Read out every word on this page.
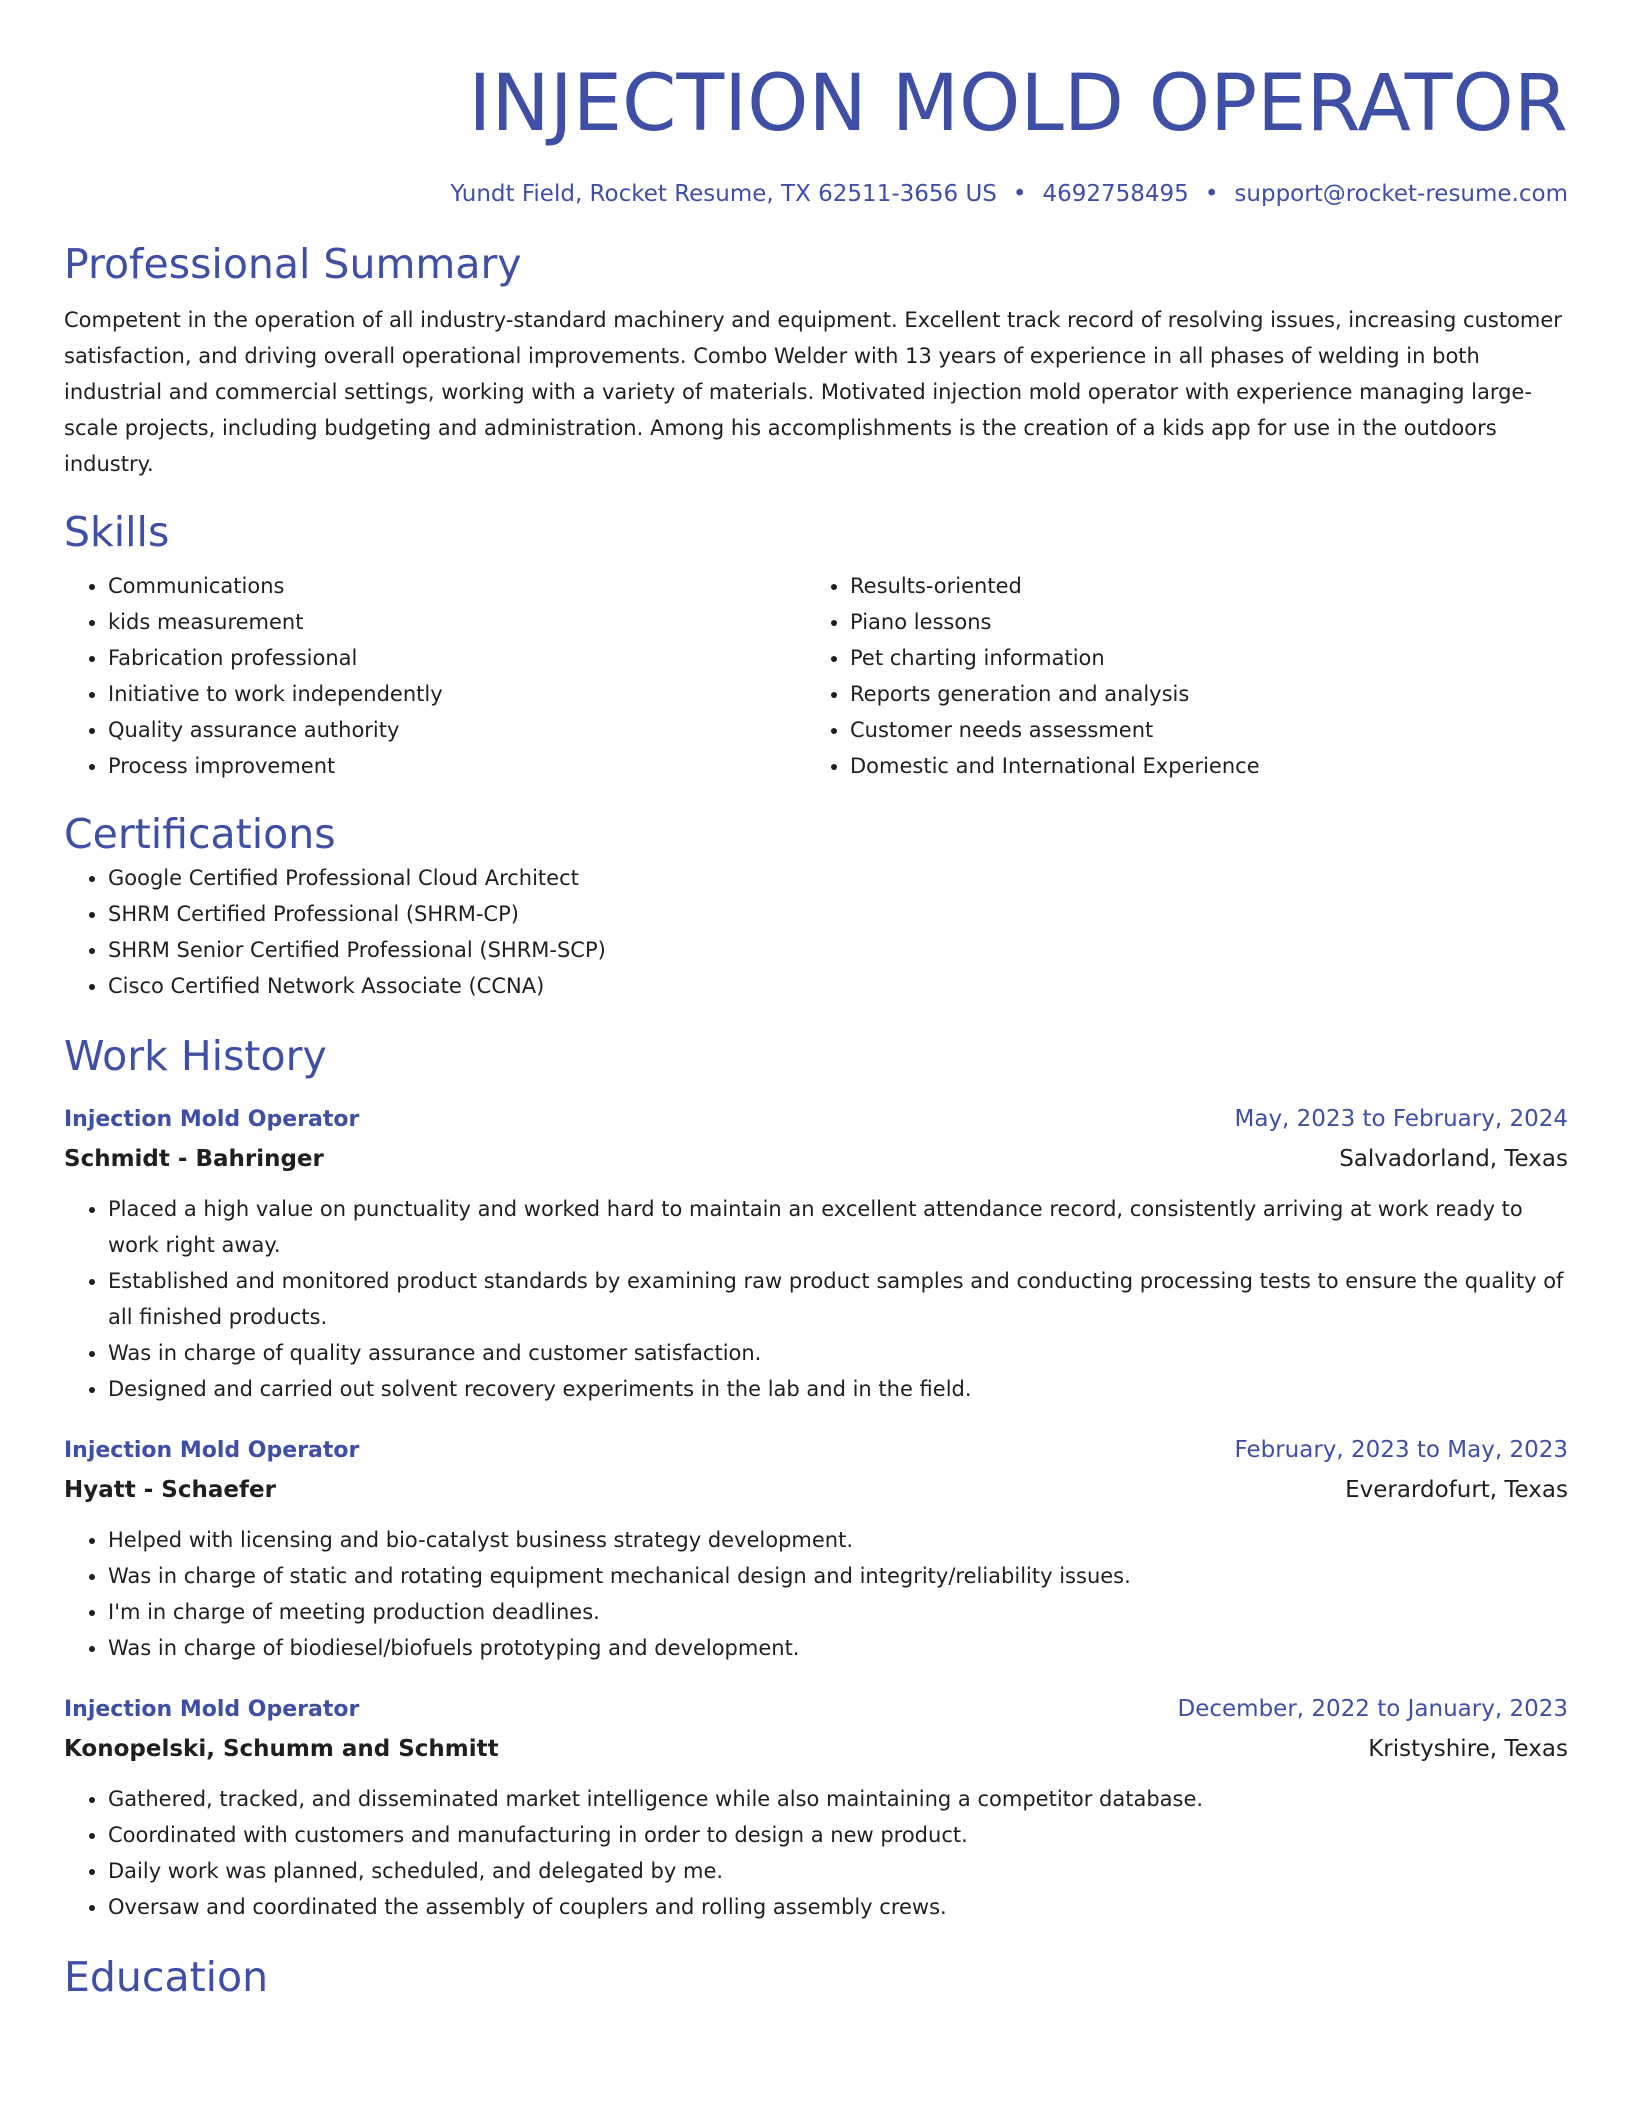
INJECTION MOLD OPERATOR
Yundt Field, Rocket Resume, TX 62511-3656 US • 4692758495 • support@rocket-resume.com
Professional Summary
Competent in the operation of all industry-standard machinery and equipment. Excellent track record of resolving issues, increasing customer satisfaction, and driving overall operational improvements. Combo Welder with 13 years of experience in all phases of welding in both industrial and commercial settings, working with a variety of materials. Motivated injection mold operator with experience managing large-scale projects, including budgeting and administration. Among his accomplishments is the creation of a kids app for use in the outdoors industry.
Skills
• Communications
• kids measurement
• Fabrication professional
• Initiative to work independently
• Quality assurance authority
• Process improvement
• Results-oriented
• Piano lessons
• Pet charting information
• Reports generation and analysis
• Customer needs assessment
• Domestic and International Experience
Certifications
• Google Certified Professional Cloud Architect
• SHRM Certified Professional (SHRM-CP)
• SHRM Senior Certified Professional (SHRM-SCP)
• Cisco Certified Network Associate (CCNA)
Work History
Injection Mold Operator	May, 2023 to February, 2024
Schmidt - Bahringer	Salvadorland, Texas
• Placed a high value on punctuality and worked hard to maintain an excellent attendance record, consistently arriving at work ready to work right away.
• Established and monitored product standards by examining raw product samples and conducting processing tests to ensure the quality of all finished products.
• Was in charge of quality assurance and customer satisfaction.
• Designed and carried out solvent recovery experiments in the lab and in the field.
Injection Mold Operator	February, 2023 to May, 2023
Hyatt - Schaefer	Everardofurt, Texas
• Helped with licensing and bio-catalyst business strategy development.
• Was in charge of static and rotating equipment mechanical design and integrity/reliability issues.
• I'm in charge of meeting production deadlines.
• Was in charge of biodiesel/biofuels prototyping and development.
Injection Mold Operator	December, 2022 to January, 2023
Konopelski, Schumm and Schmitt	Kristyshire, Texas
• Gathered, tracked, and disseminated market intelligence while also maintaining a competitor database.
• Coordinated with customers and manufacturing in order to design a new product.
• Daily work was planned, scheduled, and delegated by me.
• Oversaw and coordinated the assembly of couplers and rolling assembly crews.
Education
